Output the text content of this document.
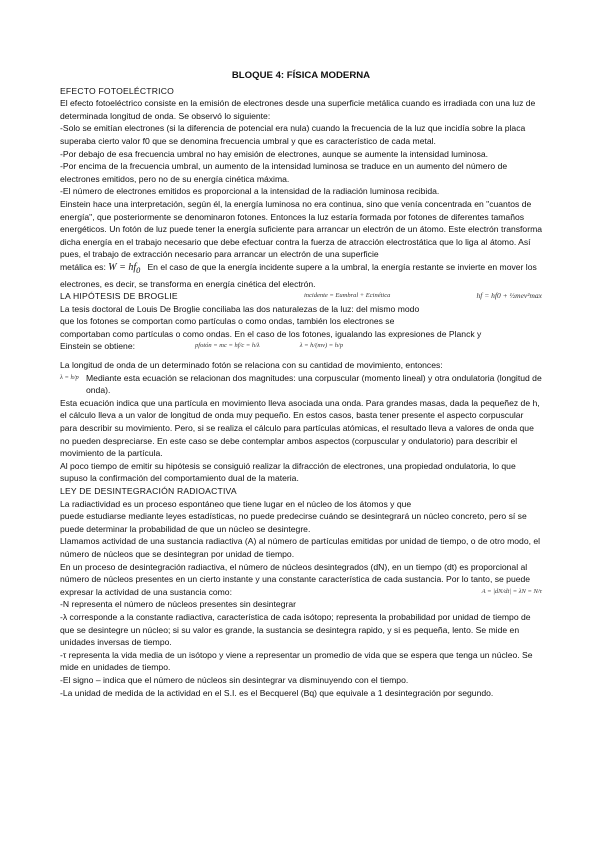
BLOQUE 4: FÍSICA MODERNA

EFECTO FOTOELÉCTRICO

El efecto fotoeléctrico consiste en la emisión de electrones desde una superficie metálica cuando es irradiada con una luz de determinada longitud de onda. Se observó lo siguiente:

-Solo se emitían electrones (si la diferencia de potencial era nula) cuando la frecuencia de la luz que incidía sobre la placa superaba cierto valor f0 que se denomina frecuencia umbral y que es característico de cada metal.

-Por debajo de esa frecuencia umbral no hay emisión de electrones, aunque se aumente la intensidad luminosa.

-Por encima de la frecuencia umbral, un aumento de la intensidad luminosa se traduce en un aumento del número de electrones emitidos, pero no de su energía cinética máxima.

-El número de electrones emitidos es proporcional a la intensidad de la radiación luminosa recibida.

Einstein hace una interpretación, según él, la energía luminosa no era continua, sino que venía concentrada en "cuantos de energía", que posteriormente se denominaron fotones. Entonces la luz estaría formada por fotones de diferentes tamaños energéticos. Un fotón de luz puede tener la energía suficiente para arrancar un electrón de un átomo. Este electrón transforma dicha energía en el trabajo necesario que debe efectuar contra la fuerza de atracción electrostática que lo liga al átomo. Así pues, el trabajo de extracción necesario para arrancar un electrón de una superficie

metálica es: $W = hf_0$ En el caso de que la energía incidente supere a la umbral, la energía restante se invierte en mover los electrones, es decir, se transforma en energía cinética del electrón.

LA HIPÓTESIS DE BROGLIE	incidente = Eumbral + Ecinética	hf = hf0 + ½mev²max

La tesis doctoral de Louis De Broglie conciliaba las dos naturalezas de la luz: del mismo modo

que los fotones se comportan como partículas o como ondas, también los electrones se

comportaban como partículas o como ondas. En el caso de los fotones, igualando las expresiones de Planck y

Einstein se obtiene:	pfotón = mc = hf/c = h/λ	λ = h/(mv) = h/p

La longitud de onda de un determinado fotón se relaciona con su cantidad de movimiento, entonces:

λ = h/p Mediante esta ecuación se relacionan dos magnitudes: una corpuscular (momento lineal) y otra ondulatoria (longitud de onda).

Esta ecuación indica que una partícula en movimiento lleva asociada una onda. Para grandes masas, dada la pequeñez de h, el cálculo lleva a un valor de longitud de onda muy pequeño. En estos casos, basta tener presente el aspecto corpuscular para describir su movimiento. Pero, si se realiza el cálculo para partículas atómicas, el resultado lleva a valores de onda que no pueden despreciarse. En este caso se debe contemplar ambos aspectos (corpuscular y ondulatorio) para describir el movimiento de la partícula.

Al poco tiempo de emitir su hipótesis se consiguió realizar la difracción de electrones, una propiedad ondulatoria, lo que supuso la confirmación del comportamiento dual de la materia.

LEY DE DESINTEGRACIÓN RADIOACTIVA

La radiactividad es un proceso espontáneo que tiene lugar en el núcleo de los átomos y que

puede estudiarse mediante leyes estadísticas, no puede predecirse cuándo se desintegrará un núcleo concreto, pero sí se puede determinar la probabilidad de que un núcleo se desintegre.

Llamamos actividad de una sustancia radiactiva (A) al número de partículas emitidas por unidad de tiempo, o de otro modo, el número de núcleos que se desintegran por unidad de tiempo.

En un proceso de desintegración radiactiva, el número de núcleos desintegrados (dN), en un tiempo (dt) es proporcional al número de núcleos presentes en un cierto instante y una constante característica de cada sustancia. Por lo tanto, se puede expresar la actividad de una sustancia como:	A = |dN/dt| = λN = N/τ

-N representa el número de núcleos presentes sin desintegrar

-λ corresponde a la constante radiactiva, característica de cada isótopo; representa la probabilidad por unidad de tiempo de que se desintegre un núcleo; si su valor es grande, la sustancia se desintegra rapido, y si es pequeña, lento. Se mide en unidades inversas de tiempo.

-τ representa la vida media de un isótopo y viene a representar un promedio de vida que se espera que tenga un núcleo. Se mide en unidades de tiempo.

-El signo – indica que el número de núcleos sin desintegrar va disminuyendo con el tiempo.

-La unidad de medida de la actividad en el S.I. es el Becquerel (Bq) que equivale a 1 desintegración por segundo.
